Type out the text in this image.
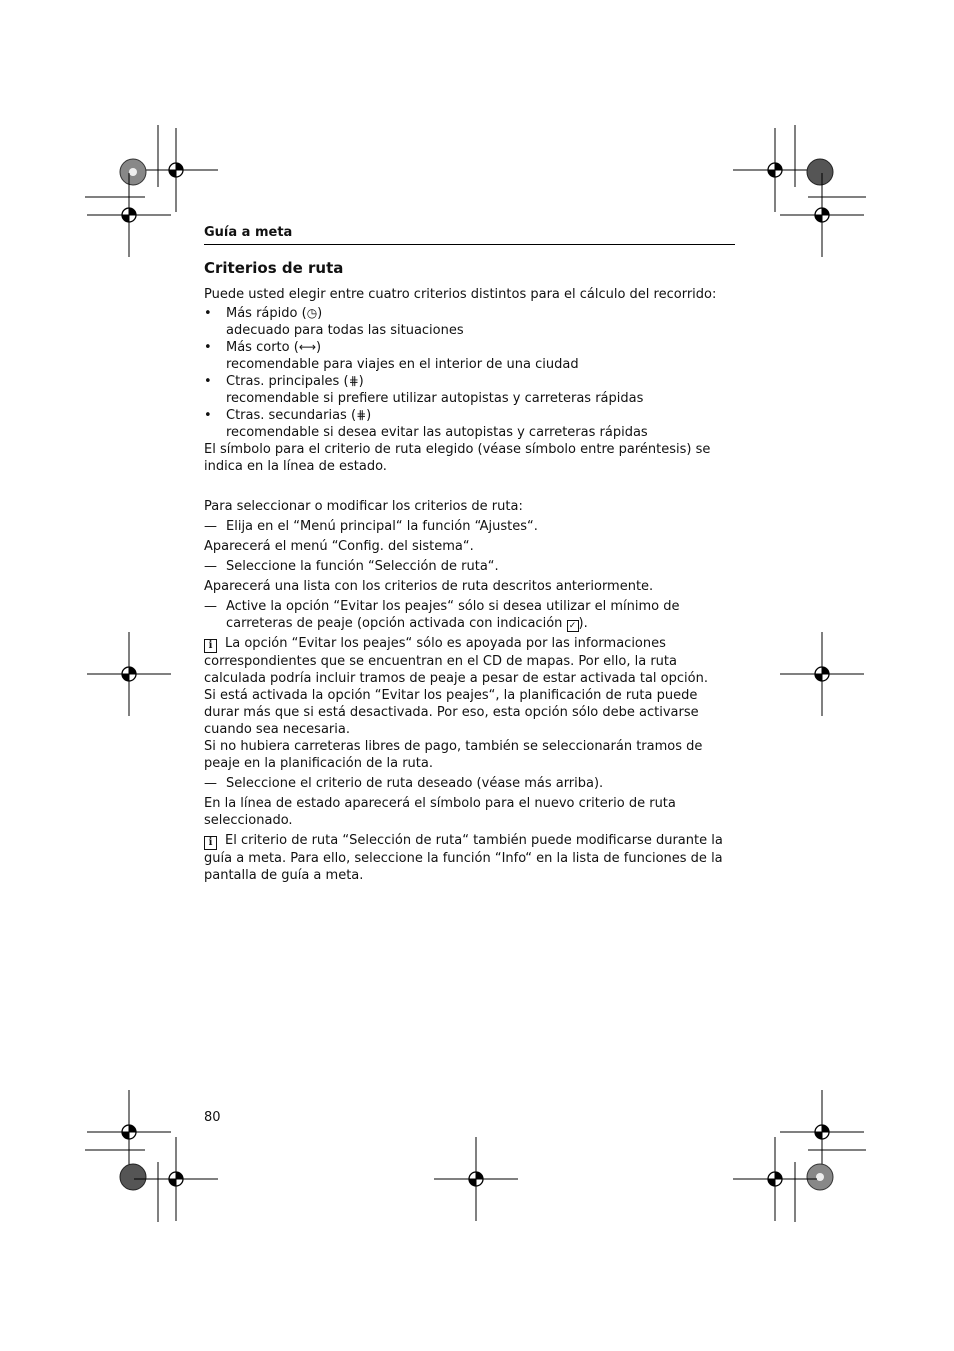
Guía a meta
Criterios de ruta

Puede usted elegir entre cuatro criterios distintos para el cálculo del recorrido:

• Más rápido (◷)
adecuado para todas las situaciones
• Más corto (⟷)
recomendable para viajes en el interior de una ciudad
• Ctras. principales (⋕)
recomendable si prefiere utilizar autopistas y carreteras rápidas
• Ctras. secundarias (⋕)
recomendable si desea evitar las autopistas y carreteras rápidas

El símbolo para el criterio de ruta elegido (véase símbolo entre paréntesis) se indica en la línea de estado.

Para seleccionar o modificar los criterios de ruta:

— Elija en el “Menú principal“ la función “Ajustes“.

Aparecerá el menú “Config. del sistema“.

— Seleccione la función “Selección de ruta“.

Aparecerá una lista con los criterios de ruta descritos anteriormente.

— Active la opción “Evitar los peajes“ sólo si desea utilizar el mínimo de carreteras de peaje (opción activada con indicación ✓ ).

i La opción “Evitar los peajes“ sólo es apoyada por las informaciones correspondientes que se encuentran en el CD de mapas. Por ello, la ruta calculada podría incluir tramos de peaje a pesar de estar activada tal opción.

Si está activada la opción “Evitar los peajes“, la planificación de ruta puede durar más que si está desactivada. Por eso, esta opción sólo debe activarse cuando sea necesaria.

Si no hubiera carreteras libres de pago, también se seleccionarán tramos de peaje en la planificación de la ruta.

— Seleccione el criterio de ruta deseado (véase más arriba).

En la línea de estado aparecerá el símbolo para el nuevo criterio de ruta seleccionado.

i El criterio de ruta “Selección de ruta“ también puede modificarse durante la guía a meta. Para ello, seleccione la función “Info“ en la lista de funciones de la pantalla de guía a meta.

80
